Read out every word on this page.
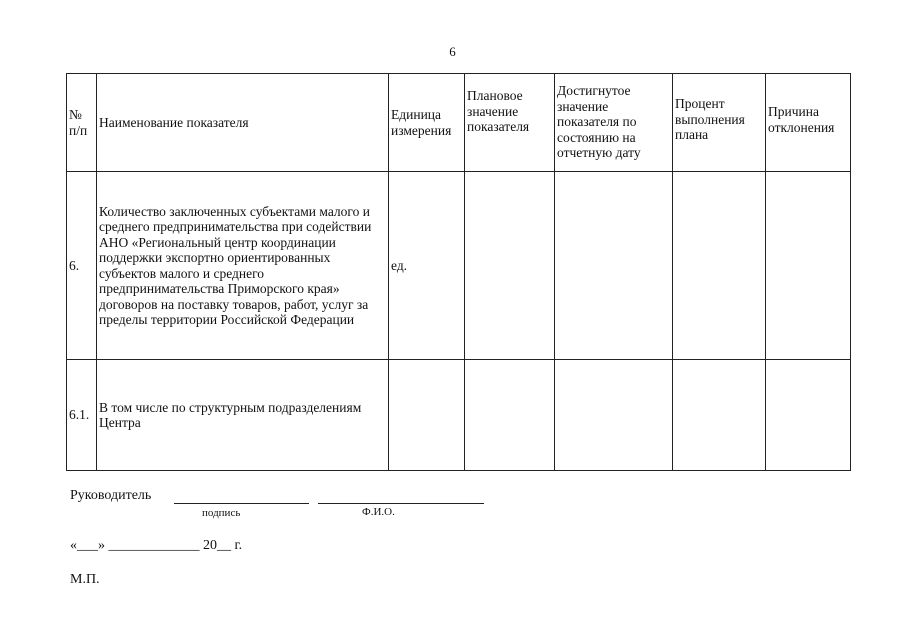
6
№ п/п	Наименование показателя	Единица измерения	Плановое значение показателя	Достигнутое значение показателя по состоянию на отчетную дату	Процент выполнения плана	Причина отклонения
6.	Количество заключенных субъектами малого и среднего предпринимательства при содействии АНО «Региональный центр координации поддержки экспортно ориентированных субъектов малого и среднего предпринимательства Приморского края» договоров на поставку товаров, работ, услуг за пределы территории Российской Федерации	ед.				
6.1.	В том числе по структурным подразделениям Центра					
Руководитель
подпись	Ф.И.О.
«___» _____________ 20__ г.
М.П.
